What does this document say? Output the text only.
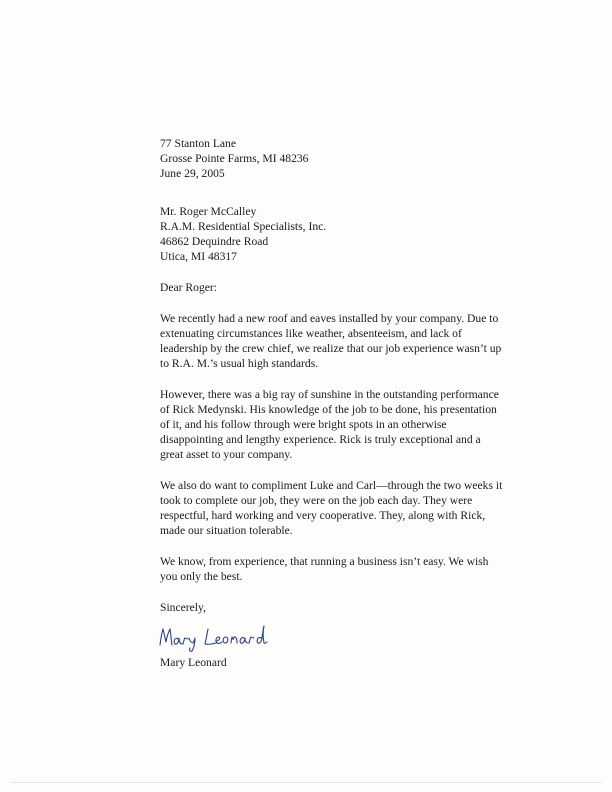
77 Stanton Lane
Grosse Pointe Farms, MI 48236
June 29, 2005
Mr. Roger McCalley
R.A.M. Residential Specialists, Inc.
46862 Dequindre Road
Utica, MI 48317
Dear Roger:
We recently had a new roof and eaves installed by your company. Due to
extenuating circumstances like weather, absenteeism, and lack of
leadership by the crew chief, we realize that our job experience wasn’t up
to R.A. M.’s usual high standards.
However, there was a big ray of sunshine in the outstanding performance
of Rick Medynski. His knowledge of the job to be done, his presentation
of it, and his follow through were bright spots in an otherwise
disappointing and lengthy experience. Rick is truly exceptional and a
great asset to your company.
We also do want to compliment Luke and Carl—through the two weeks it
took to complete our job, they were on the job each day. They were
respectful, hard working and very cooperative. They, along with Rick,
made our situation tolerable.
We know, from experience, that running a business isn’t easy. We wish
you only the best.
Sincerely,
Mary Leonard
